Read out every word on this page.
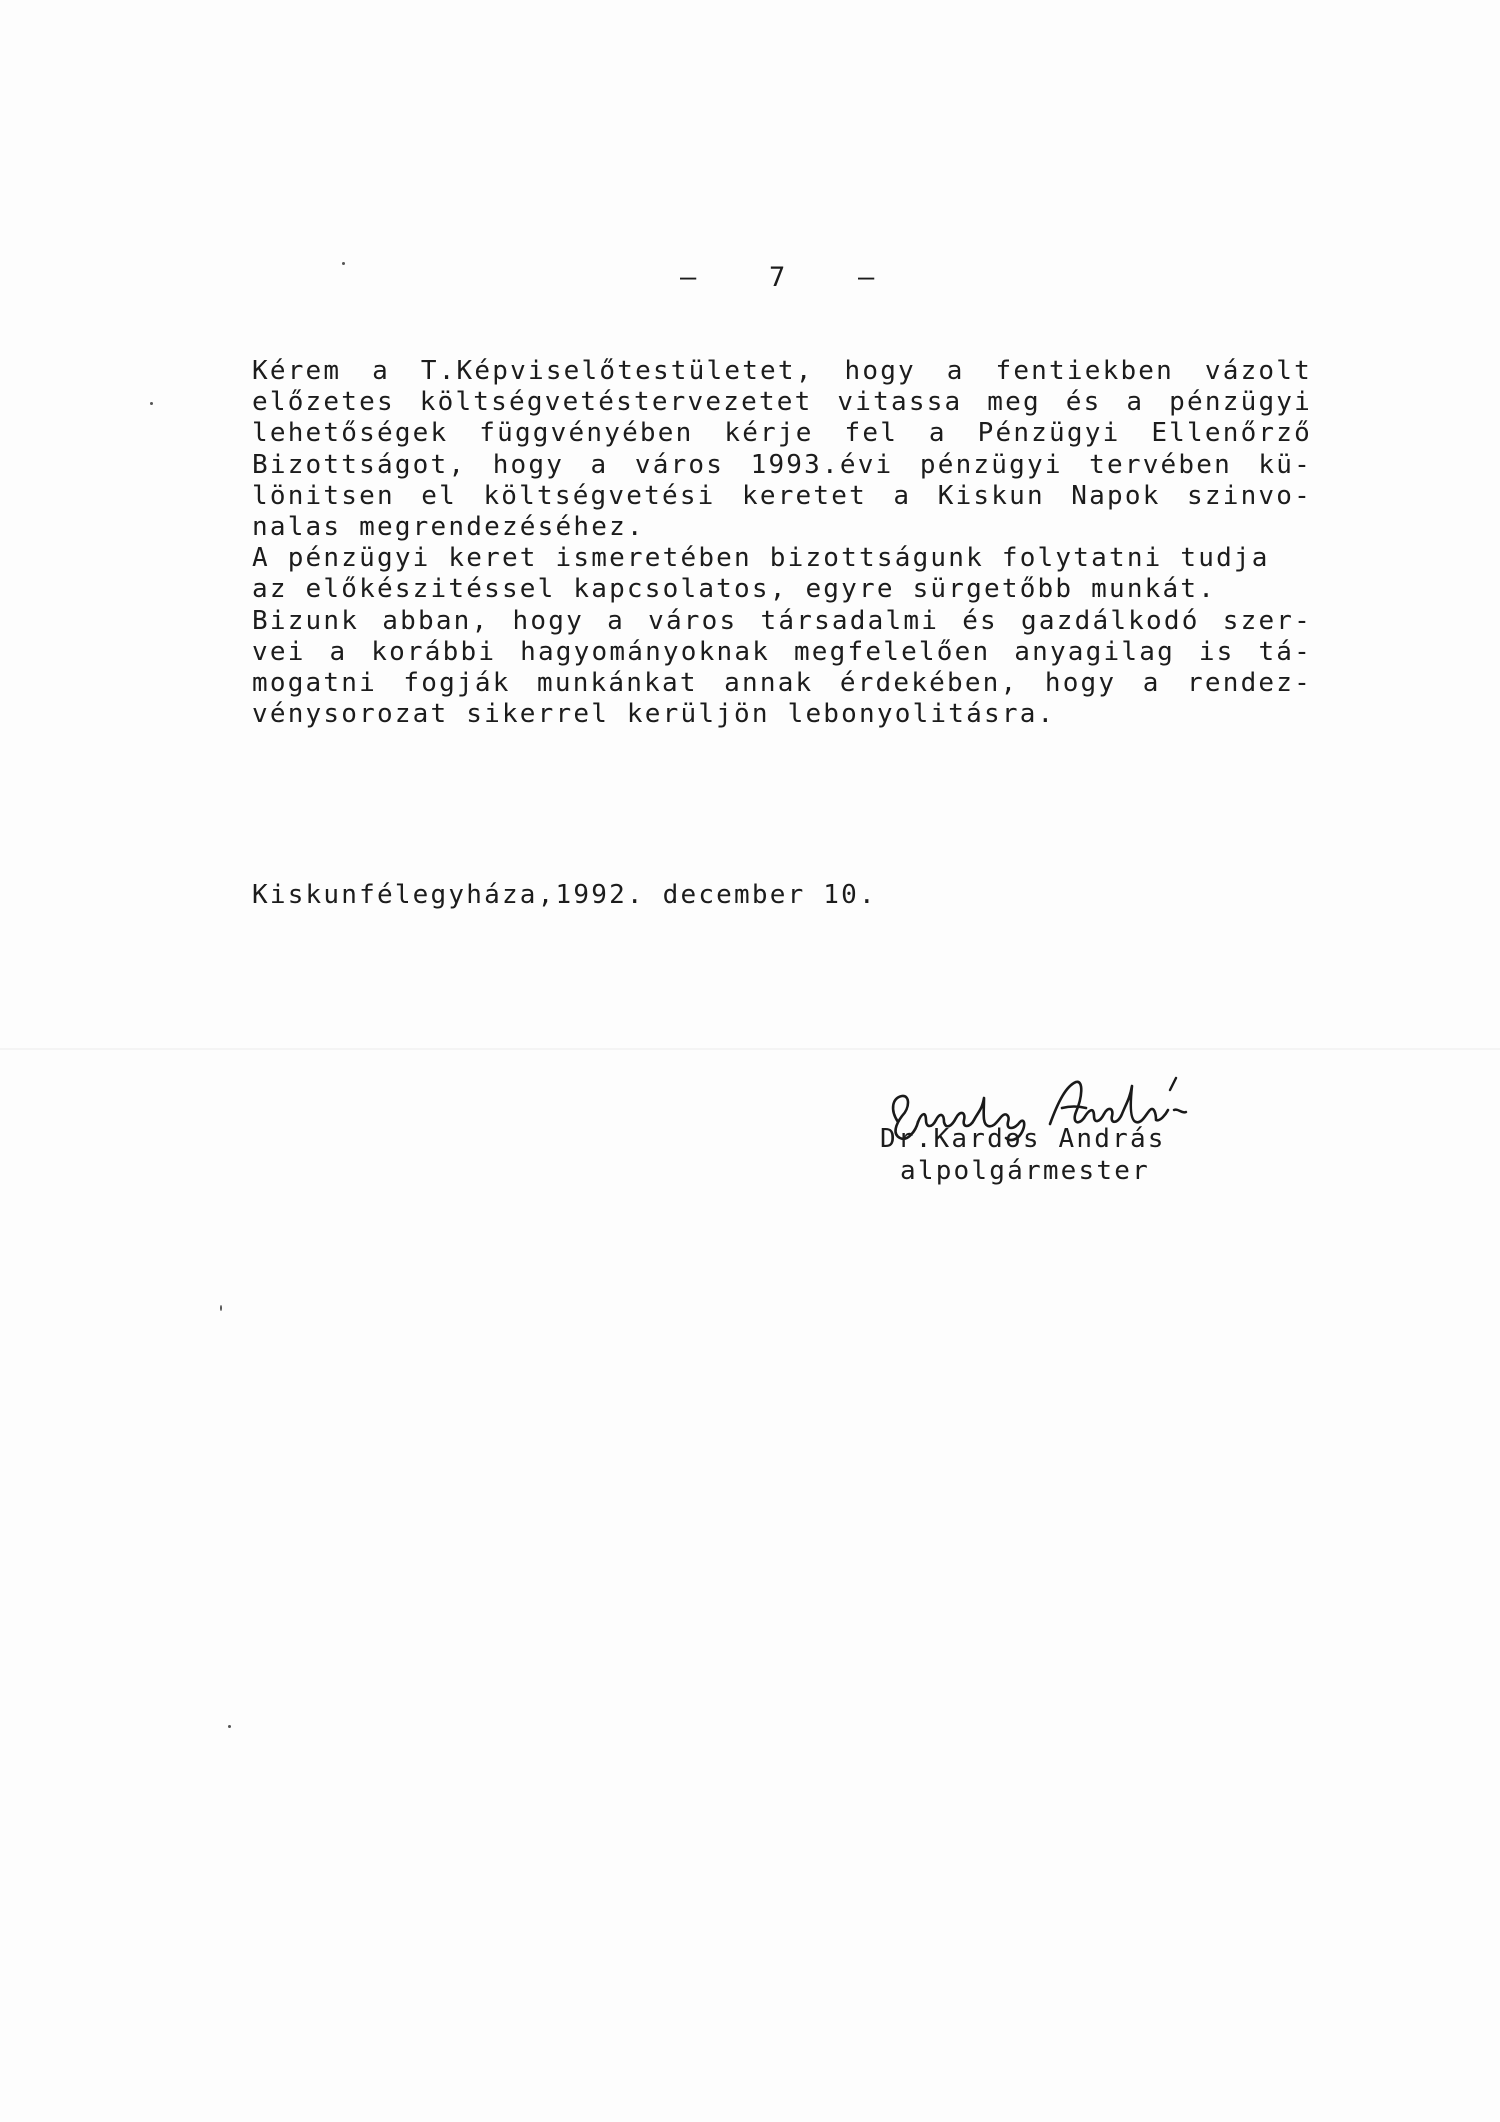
–   7   –
Kérem a T.Képviselőtestületet, hogy a fentiekben vázolt
előzetes költségvetéstervezetet vitassa meg és a pénzügyi
lehetőségek függvényében kérje fel a Pénzügyi Ellenőrző
Bizottságot, hogy a város 1993.évi pénzügyi tervében kü-
lönitsen el költségvetési keretet a Kiskun Napok szinvo-
nalas megrendezéséhez.
A pénzügyi keret ismeretében bizottságunk folytatni tudja
az előkészitéssel kapcsolatos, egyre sürgetőbb munkát.
Bizunk abban, hogy a város társadalmi és gazdálkodó szer-
vei a korábbi hagyományoknak megfelelően anyagilag is tá-
mogatni fogják munkánkat annak érdekében, hogy a rendez-
vénysorozat sikerrel kerüljön lebonyolitásra.
Kiskunfélegyháza,1992. december 10.
Dr.Kardos András
alpolgármester
